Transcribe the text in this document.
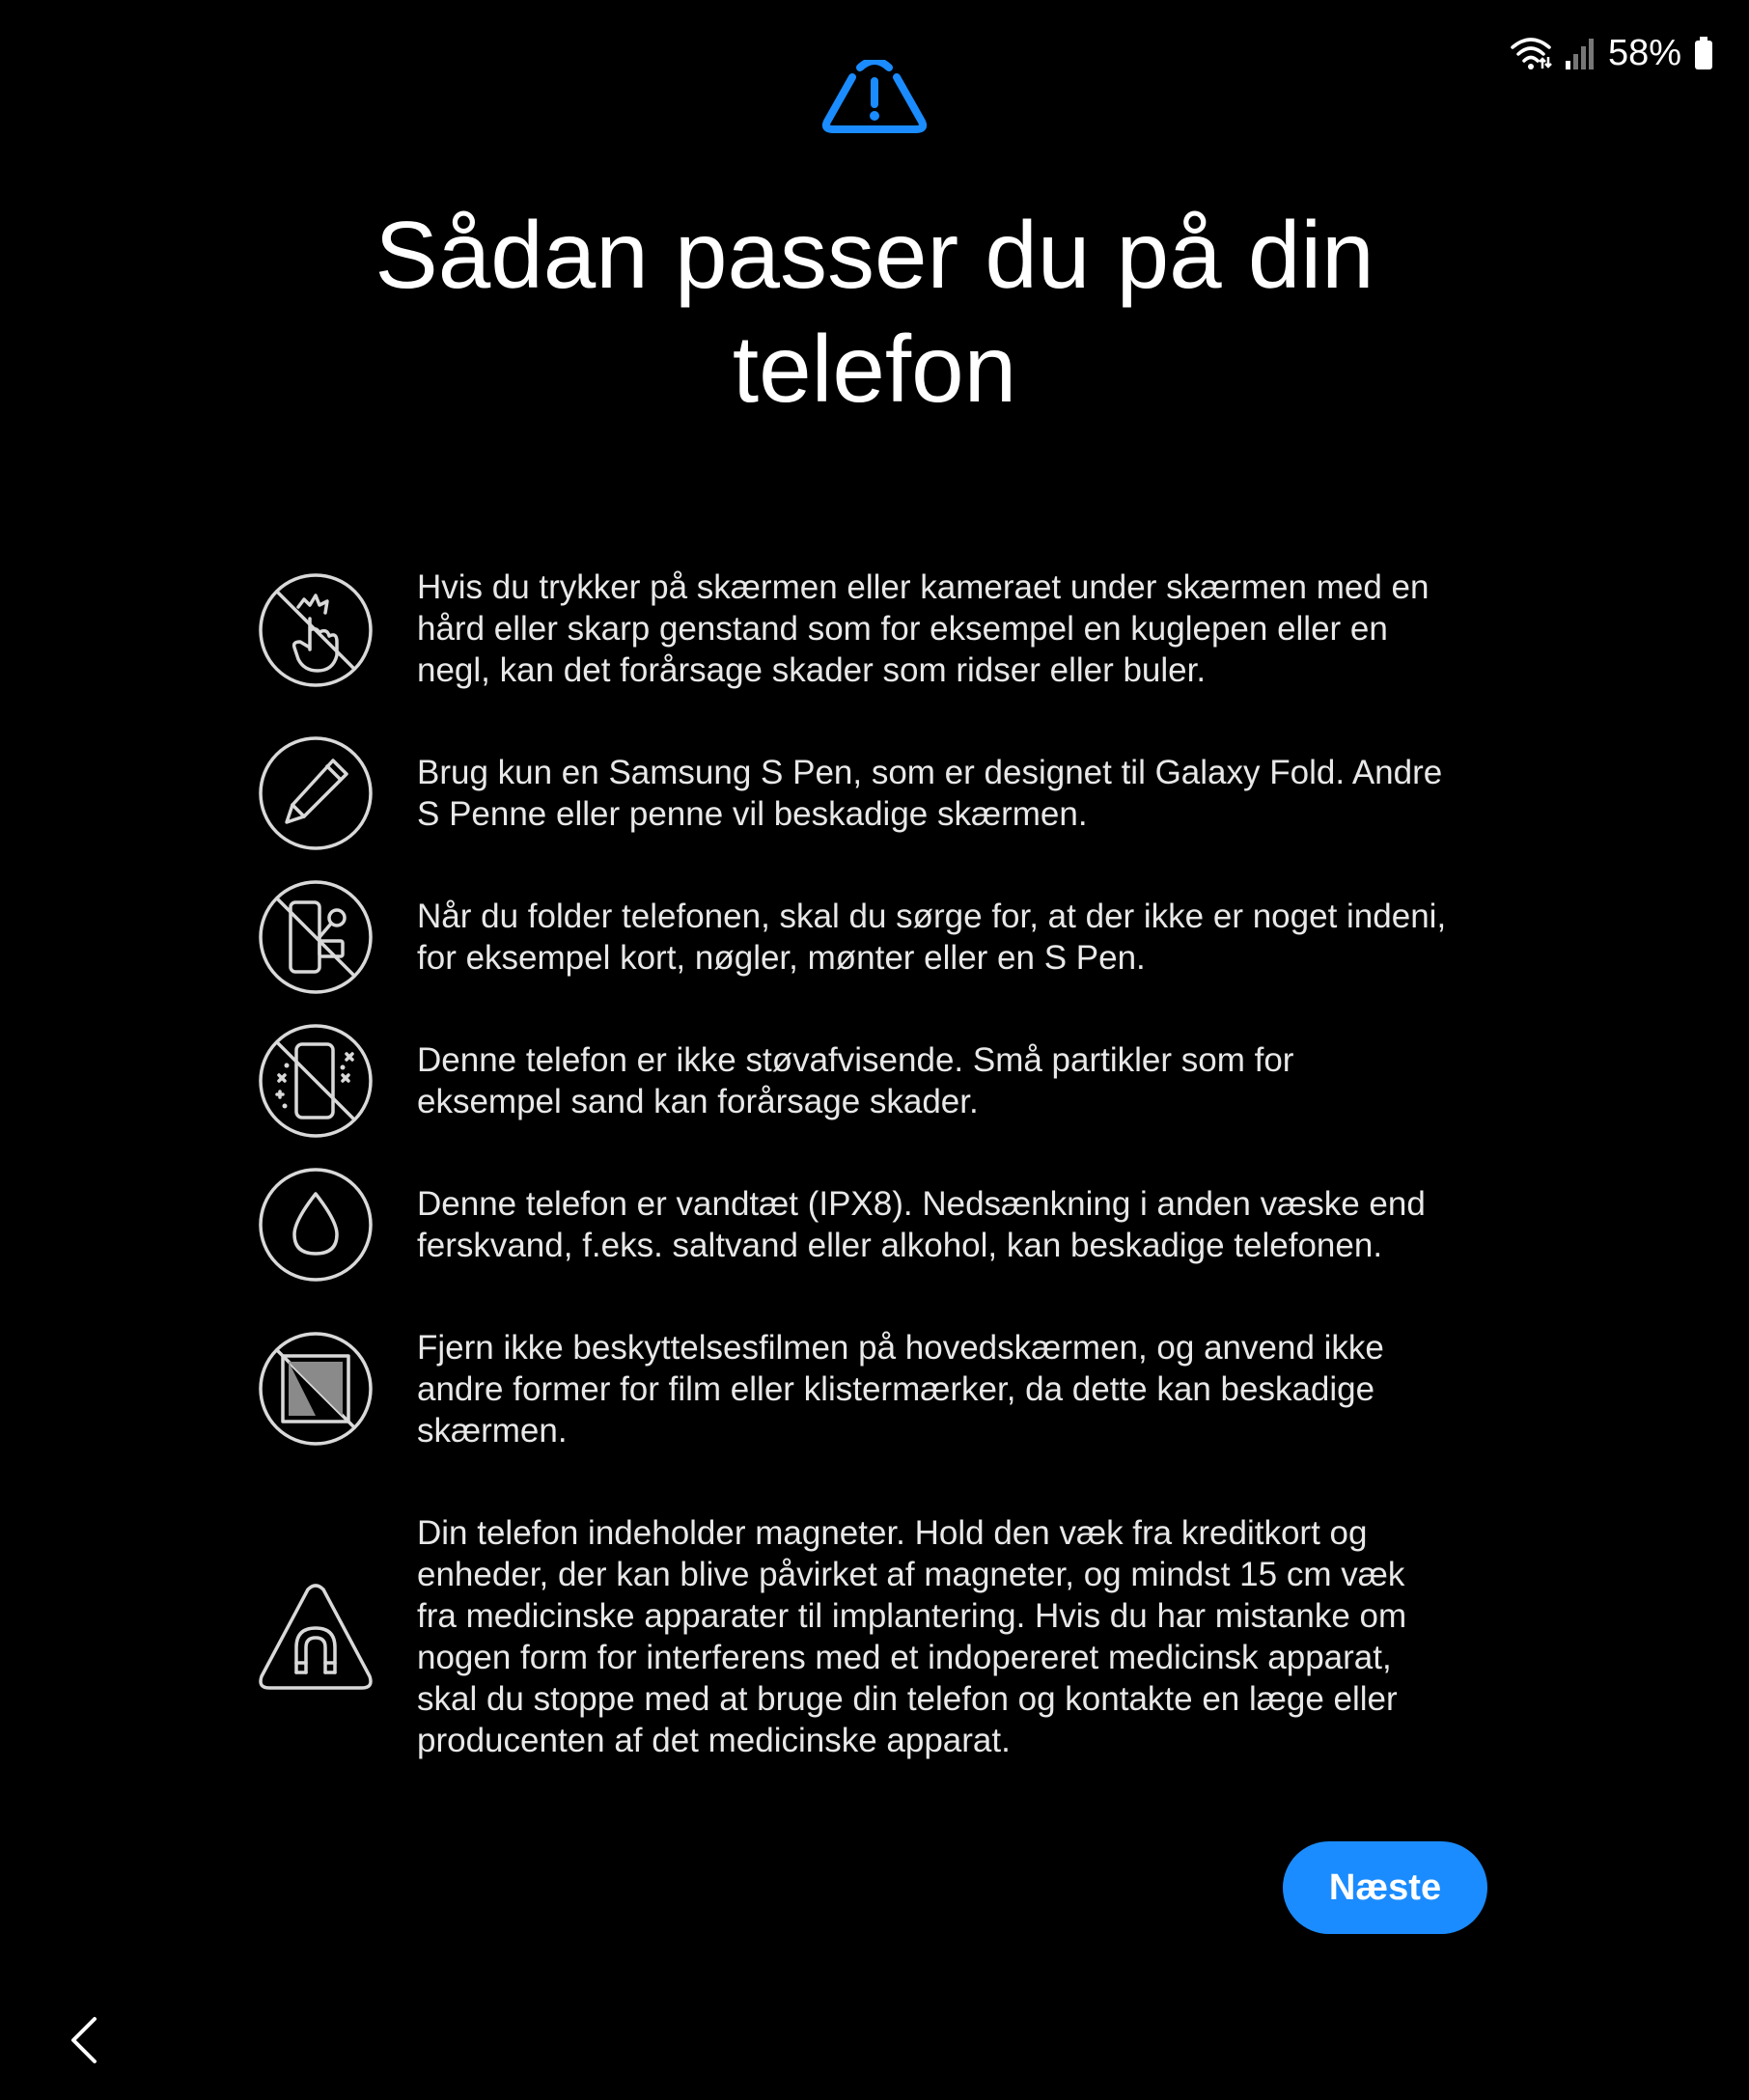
58%
Sådan passer du på din
telefon
Hvis du trykker på skærmen eller kameraet under skærmen med en
hård eller skarp genstand som for eksempel en kuglepen eller en
negl, kan det forårsage skader som ridser eller buler.
Brug kun en Samsung S Pen, som er designet til Galaxy Fold. Andre
S Penne eller penne vil beskadige skærmen.
Når du folder telefonen, skal du sørge for, at der ikke er noget indeni,
for eksempel kort, nøgler, mønter eller en S Pen.
Denne telefon er ikke støvafvisende. Små partikler som for
eksempel sand kan forårsage skader.
Denne telefon er vandtæt (IPX8). Nedsænkning i anden væske end
ferskvand, f.eks. saltvand eller alkohol, kan beskadige telefonen.
Fjern ikke beskyttelsesfilmen på hovedskærmen, og anvend ikke
andre former for film eller klistermærker, da dette kan beskadige
skærmen.
Din telefon indeholder magneter. Hold den væk fra kreditkort og
enheder, der kan blive påvirket af magneter, og mindst 15 cm væk
fra medicinske apparater til implantering. Hvis du har mistanke om
nogen form for interferens med et indopereret medicinsk apparat,
skal du stoppe med at bruge din telefon og kontakte en læge eller
producenten af det medicinske apparat.
Næste
